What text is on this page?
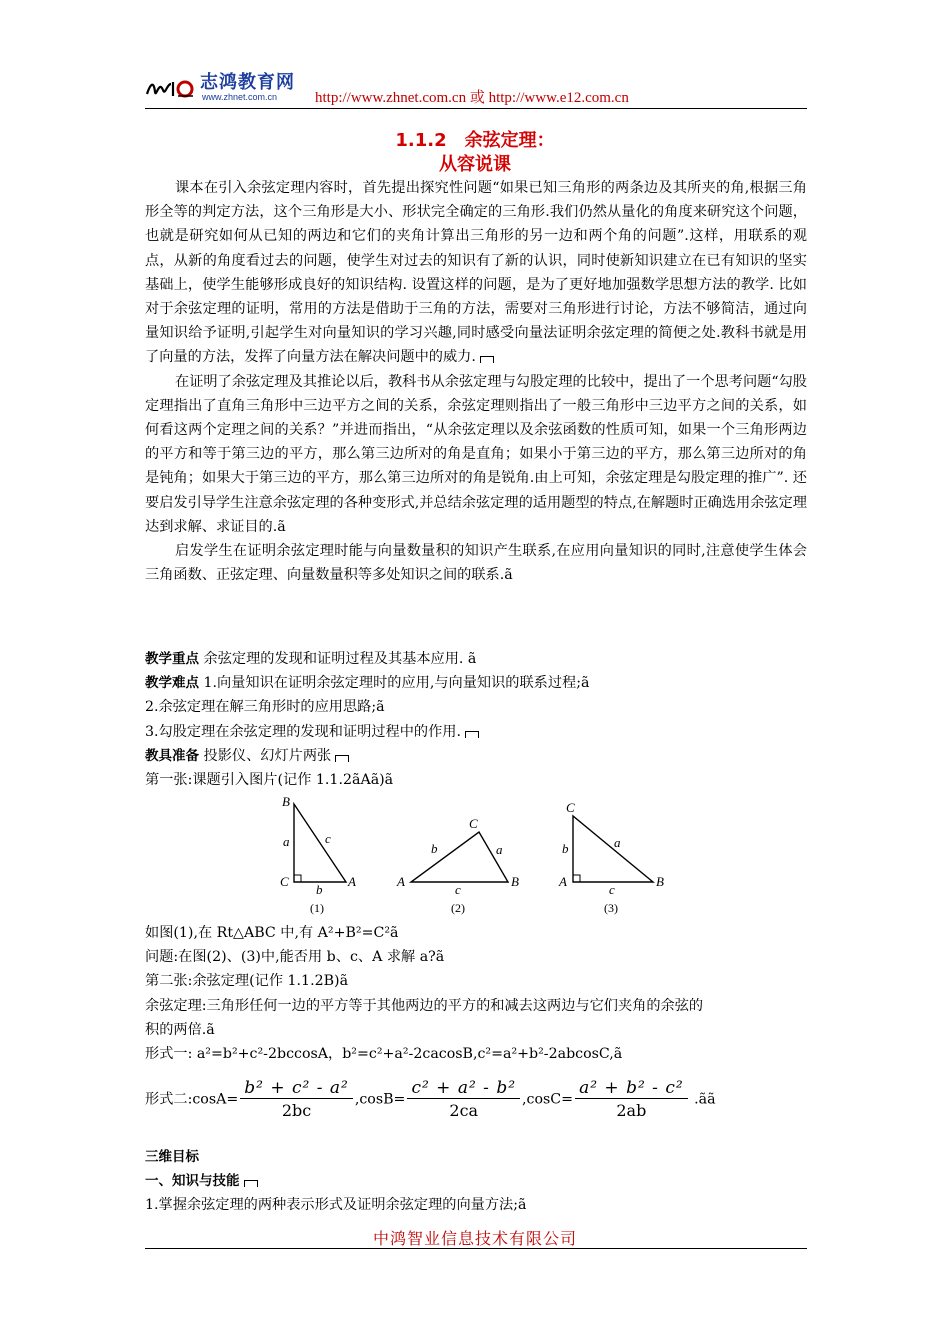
志鸿教育网
www.zhnet.com.cn	http://www.zhnet.com.cn 或 http://www.e12.com.cn
1.1.2　余弦定理：
从容说课

课本在引入余弦定理内容时，首先提出探究性问题“如果已知三角形的两条边及其所夹的角,根据三角形全等的判定方法，这个三角形是大小、形状完全确定的三角形.我们仍然从量化的角度来研究这个问题，也就是研究如何从已知的两边和它们的夹角计算出三角形的另一边和两个角的问题”.这样，用联系的观点，从新的角度看过去的问题，使学生对过去的知识有了新的认识，同时使新知识建立在已有知识的坚实基础上，使学生能够形成良好的知识结构. 设置这样的问题，是为了更好地加强数学思想方法的教学. 比如对于余弦定理的证明，常用的方法是借助于三角的方法，需要对三角形进行讨论，方法不够简洁，通过向量知识给予证明,引起学生对向量知识的学习兴趣,同时感受向量法证明余弦定理的简便之处.教科书就是用了向量的方法，发挥了向量方法在解决问题中的威力.

在证明了余弦定理及其推论以后，教科书从余弦定理与勾股定理的比较中，提出了一个思考问题“勾股定理指出了直角三角形中三边平方之间的关系，余弦定理则指出了一般三角形中三边平方之间的关系，如何看这两个定理之间的关系？”并进而指出，“从余弦定理以及余弦函数的性质可知，如果一个三角形两边的平方和等于第三边的平方，那么第三边所对的角是直角；如果小于第三边的平方，那么第三边所对的角是钝角；如果大于第三边的平方，那么第三边所对的角是锐角.由上可知，余弦定理是勾股定理的推广”. 还要启发引导学生注意余弦定理的各种变形式,并总结余弦定理的适用题型的特点,在解题时正确选用余弦定理达到求解、求证目的.ã

启发学生在证明余弦定理时能与向量数量积的知识产生联系,在应用向量知识的同时,注意使学生体会三角函数、正弦定理、向量数量积等多处知识之间的联系.ã

教学重点 余弦定理的发现和证明过程及其基本应用. ã

教学难点 1.向量知识在证明余弦定理时的应用,与向量知识的联系过程;ã

2.余弦定理在解三角形时的应用思路;ã

3.勾股定理在余弦定理的发现和证明过程中的作用.

教具准备 投影仪、幻灯片两张

第一张:课题引入图片(记作 1.1.2ãAã)ã

B
C	A
a
b
c
(1)
C
A	B
a
b
c
(2)
C
A	B
a
b
c
(3)

如图(1),在 Rt△ABC 中,有 A²+B²=C²ã

问题:在图(2)、(3)中,能否用 b、c、A 求解 a?ã

第二张:余弦定理(记作 1.1.2B)ã

余弦定理:三角形任何一边的平方等于其他两边的平方的和减去这两边与它们夹角的余弦的

积的两倍.ã

形式一: a²=b²+c²-2bccosA，b²=c²+a²-2cacosB,c²=a²+b²-2abcosC,ã

形式二:cosA= $\frac{\text{b² + c² - a²}}{2bc} ,\cos B= \frac{\text{c² + a² - b²}}{2ca} ,\cos C= \frac{\text{a² + b² - c²}}{2ab}$ .ãã

三维目标

一、知识与技能

1.掌握余弦定理的两种表示形式及证明余弦定理的向量方法;ã

中鸿智业信息技术有限公司
